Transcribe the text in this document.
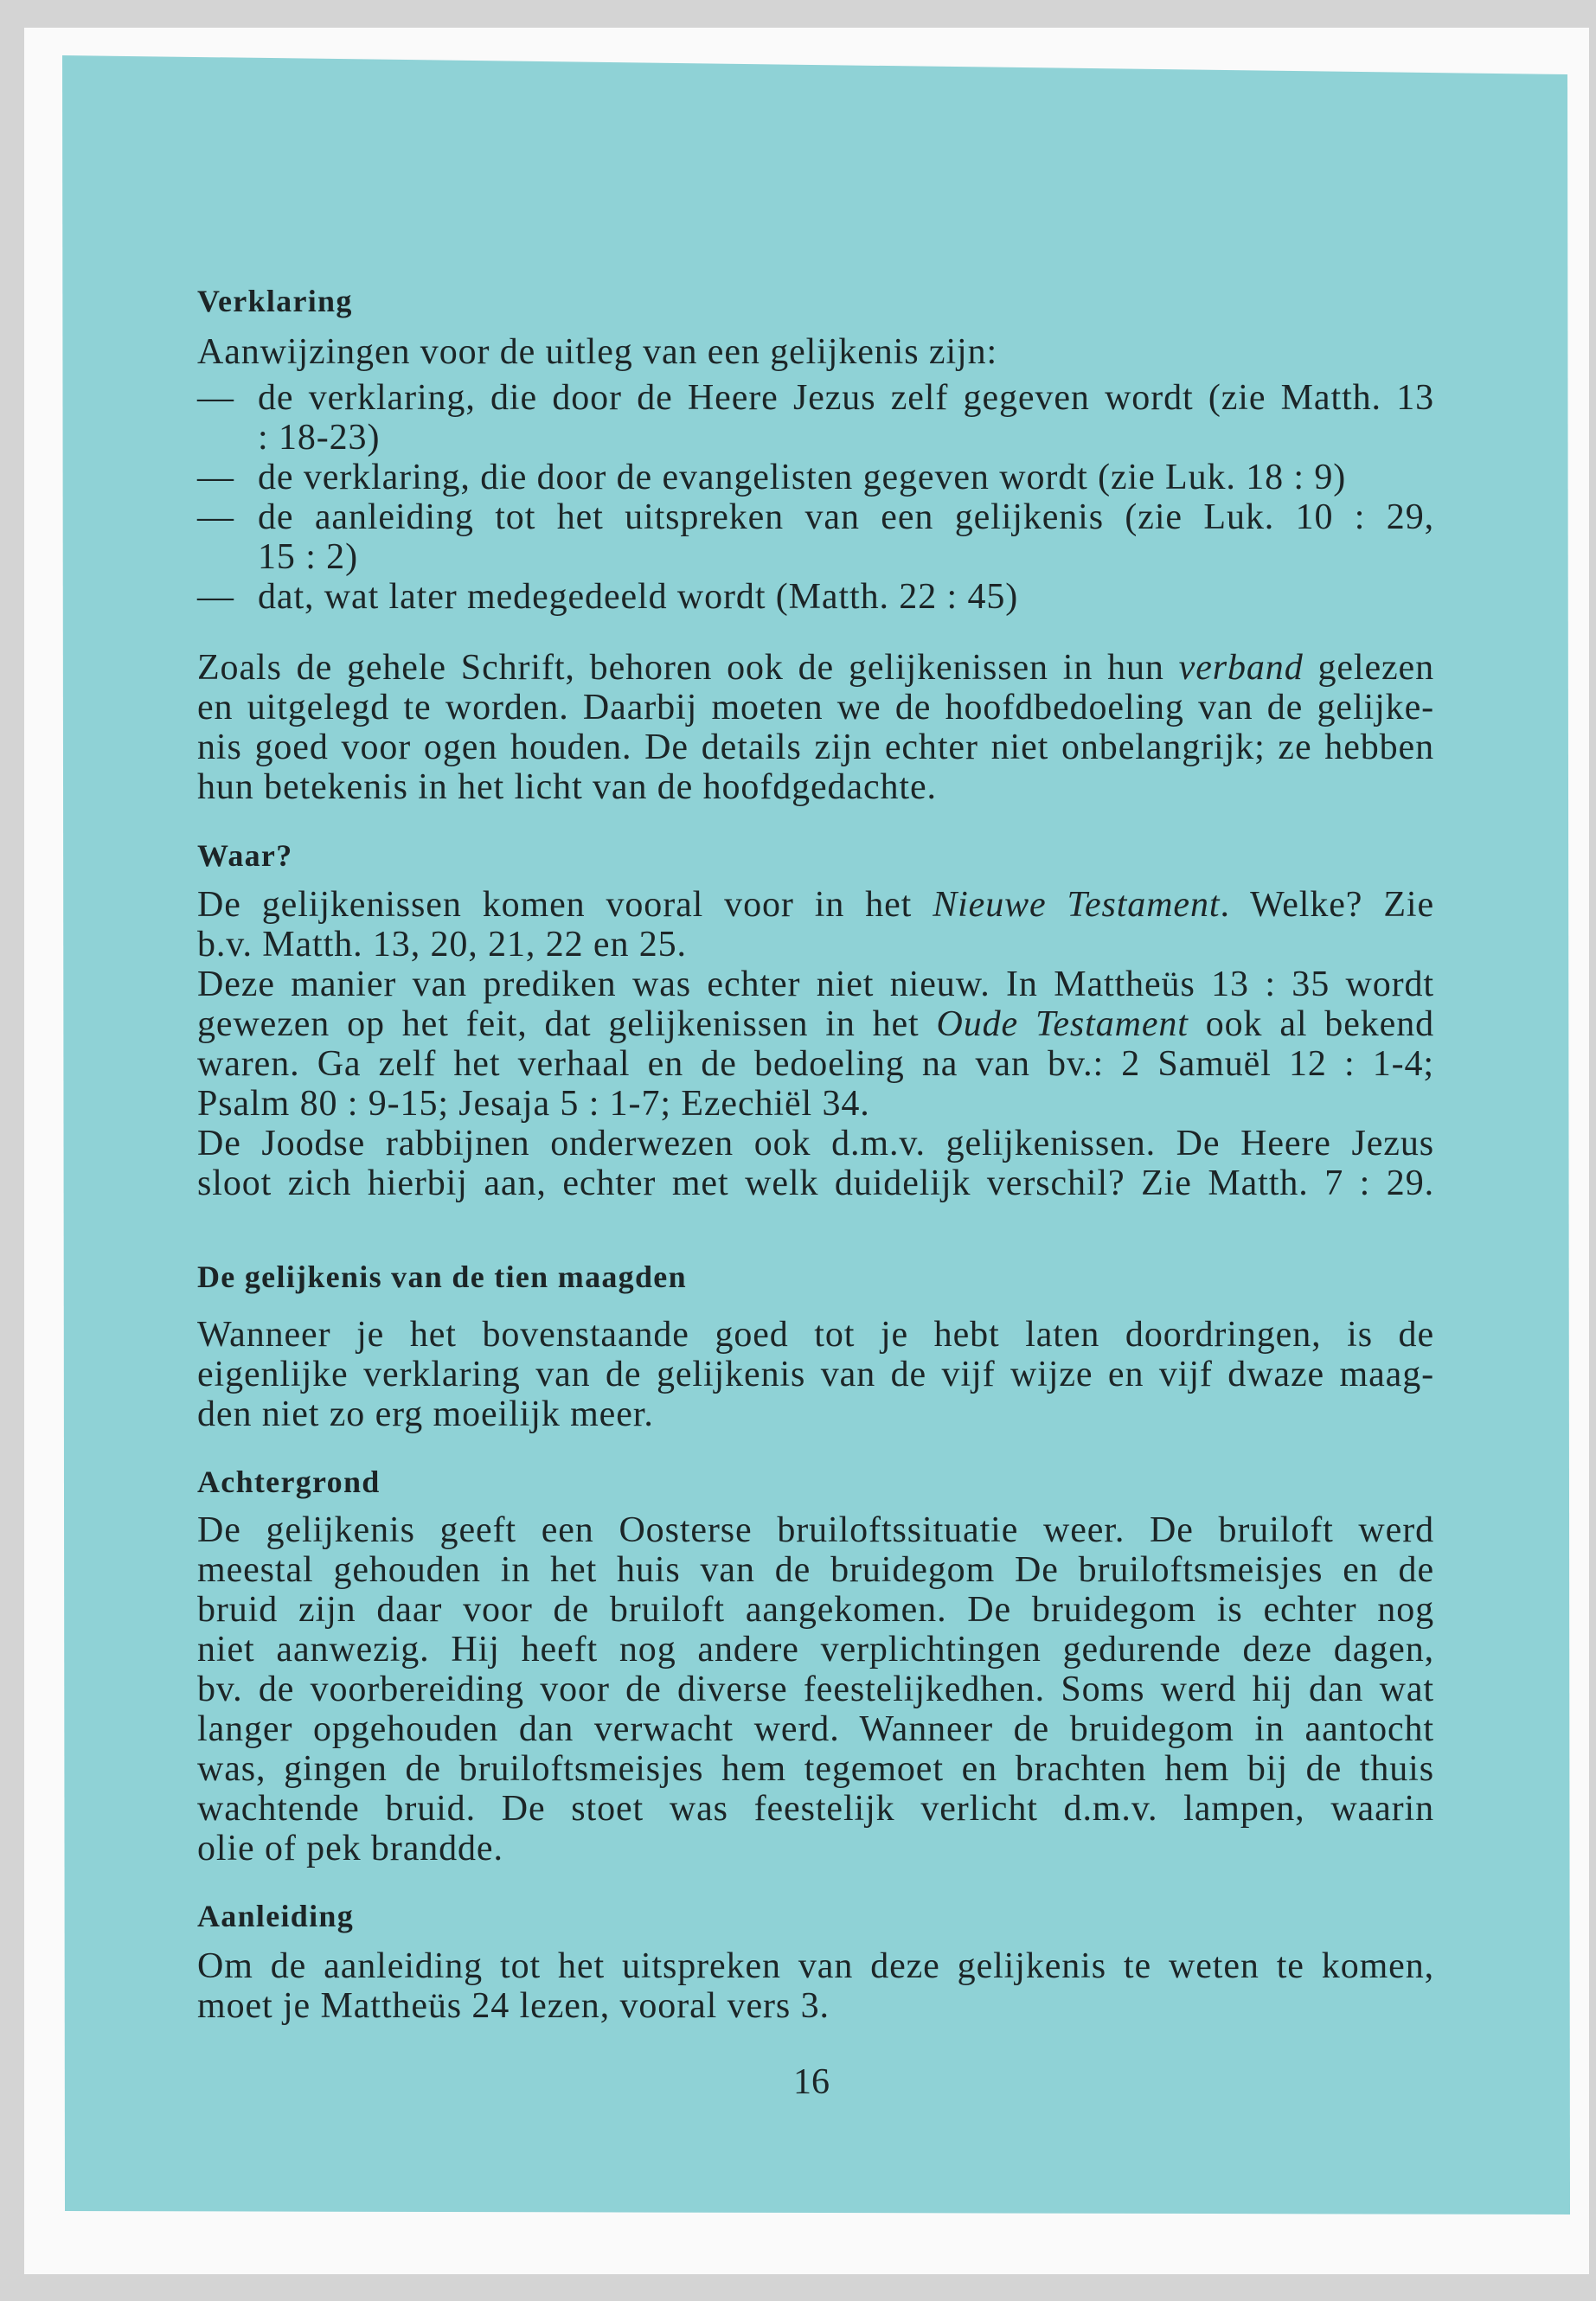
Verklaring
Aanwijzingen voor de uitleg van een gelijkenis zijn:
— de verklaring, die door de Heere Jezus zelf gegeven wordt (zie Matth. 13
: 18-23)
— de verklaring, die door de evangelisten gegeven wordt (zie Luk. 18 : 9)
— de aanleiding tot het uitspreken van een gelijkenis (zie Luk. 10 : 29,
15 : 2)
— dat, wat later medegedeeld wordt (Matth. 22 : 45)
Zoals de gehele Schrift, behoren ook de gelijkenissen in hun verband gelezen
en uitgelegd te worden. Daarbij moeten we de hoofdbedoeling van de gelijke-
nis goed voor ogen houden. De details zijn echter niet onbelangrijk; ze hebben
hun betekenis in het licht van de hoofdgedachte.
Waar?
De gelijkenissen komen vooral voor in het Nieuwe Testament. Welke? Zie
b.v. Matth. 13, 20, 21, 22 en 25.
Deze manier van prediken was echter niet nieuw. In Mattheüs 13 : 35 wordt
gewezen op het feit, dat gelijkenissen in het Oude Testament ook al bekend
waren. Ga zelf het verhaal en de bedoeling na van bv.: 2 Samuël 12 : 1-4;
Psalm 80 : 9-15; Jesaja 5 : 1-7; Ezechiël 34.
De Joodse rabbijnen onderwezen ook d.m.v. gelijkenissen. De Heere Jezus
sloot zich hierbij aan, echter met welk duidelijk verschil? Zie Matth. 7 : 29.
De gelijkenis van de tien maagden
Wanneer je het bovenstaande goed tot je hebt laten doordringen, is de
eigenlijke verklaring van de gelijkenis van de vijf wijze en vijf dwaze maag-
den niet zo erg moeilijk meer.
Achtergrond
De gelijkenis geeft een Oosterse bruiloftssituatie weer. De bruiloft werd
meestal gehouden in het huis van de bruidegom De bruiloftsmeisjes en de
bruid zijn daar voor de bruiloft aangekomen. De bruidegom is echter nog
niet aanwezig. Hij heeft nog andere verplichtingen gedurende deze dagen,
bv. de voorbereiding voor de diverse feestelijkedhen. Soms werd hij dan wat
langer opgehouden dan verwacht werd. Wanneer de bruidegom in aantocht
was, gingen de bruiloftsmeisjes hem tegemoet en brachten hem bij de thuis
wachtende bruid. De stoet was feestelijk verlicht d.m.v. lampen, waarin
olie of pek brandde.
Aanleiding
Om de aanleiding tot het uitspreken van deze gelijkenis te weten te komen,
moet je Mattheüs 24 lezen, vooral vers 3.
16
